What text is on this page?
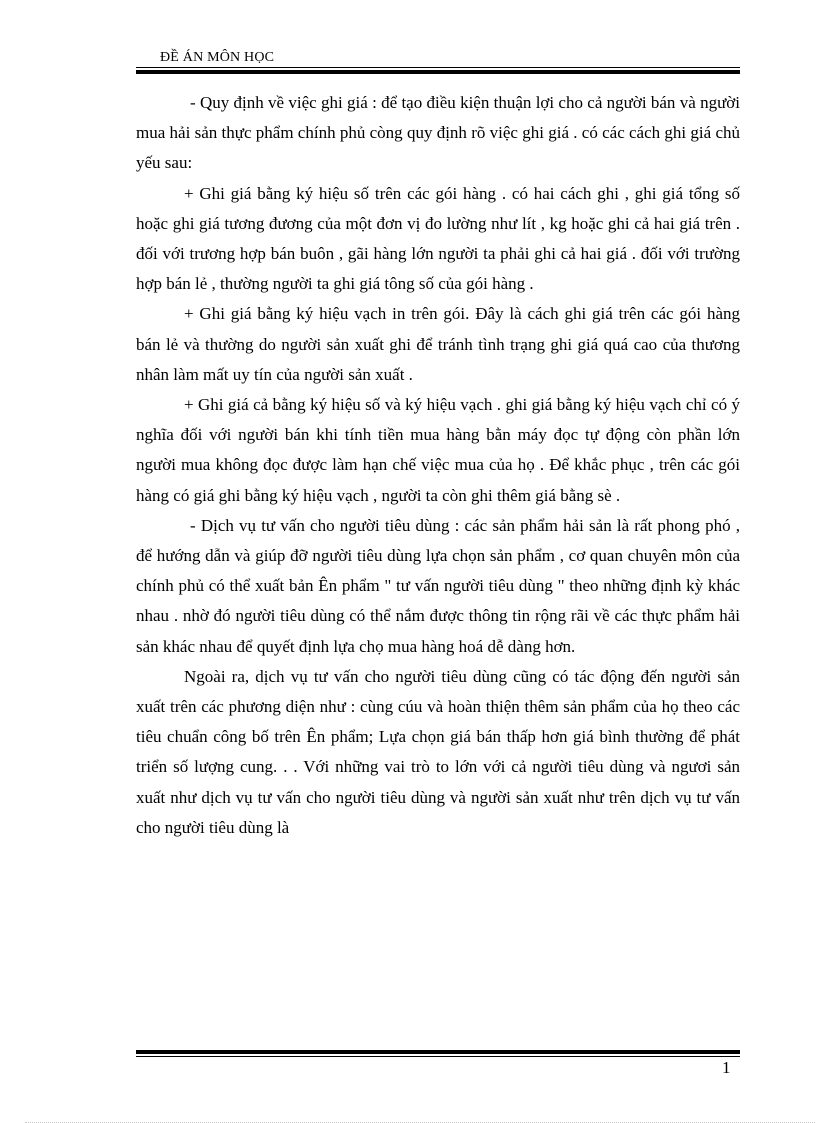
ĐỀ ÁN MÔN HỌC

- Quy định về việc ghi giá : để tạo điều kiện thuận lợi cho cả người bán và người mua hải sản thực phẩm chính phủ còng quy định rõ việc ghi giá . có các cách ghi giá chủ yếu sau:

+ Ghi giá bằng ký hiệu số trên các gói hàng . có hai cách ghi , ghi giá tổng số hoặc ghi giá tương đương của một đơn vị đo lường như lít , kg hoặc ghi cả hai giá trên . đối với trương hợp bán buôn , gãi hàng lớn người ta phải ghi cả hai giá . đối với trường hợp bán lẻ , thường người ta ghi giá tông số của gói hàng .

+ Ghi giá bằng ký hiệu vạch in trên gói. Đây là cách ghi giá trên các gói hàng bán lẻ và thường do người sản xuất ghi để tránh tình trạng ghi giá quá cao của thương nhân làm mất uy tín của người sản xuất .

+ Ghi giá cả bằng ký hiệu số và ký hiệu vạch . ghi giá bằng ký hiệu vạch chỉ có ý nghĩa đối với người bán khi tính tiền mua hàng bằn máy đọc tự động còn phần lớn người mua không đọc được làm hạn chế việc mua của họ . Để khắc phục , trên các gói hàng có giá ghi bằng ký hiệu vạch , người ta còn ghi thêm giá bằng sè .

- Dịch vụ tư vấn cho người tiêu dùng : các sản phẩm hải sản là rất phong phó , để hướng dẫn và giúp đỡ người tiêu dùng lựa chọn sản phẩm , cơ quan chuyên môn của chính phủ có thể xuất bản Ên phẩm " tư vấn người tiêu dùng " theo những định kỳ khác nhau . nhờ đó người tiêu dùng có thể nắm được thông tin rộng rãi về các thực phẩm hải sản khác nhau để quyết định lựa chọ mua hàng hoá dễ dàng hơn.

Ngoài ra, dịch vụ tư vấn cho người tiêu dùng cũng có tác động đến người sản xuất trên các phương diện như : cùng cúu và hoàn thiện thêm sản phẩm của họ theo các tiêu chuẩn công bố trên Ên phẩm; Lựa chọn giá bán thấp hơn giá bình thường để phát triển số lượng cung. . . Với những vai trò to lớn với cả người tiêu dùng và ngươi sản xuất như dịch vụ tư vấn cho người tiêu dùng và người sản xuất như trên dịch vụ tư vấn cho người tiêu dùng là

1
